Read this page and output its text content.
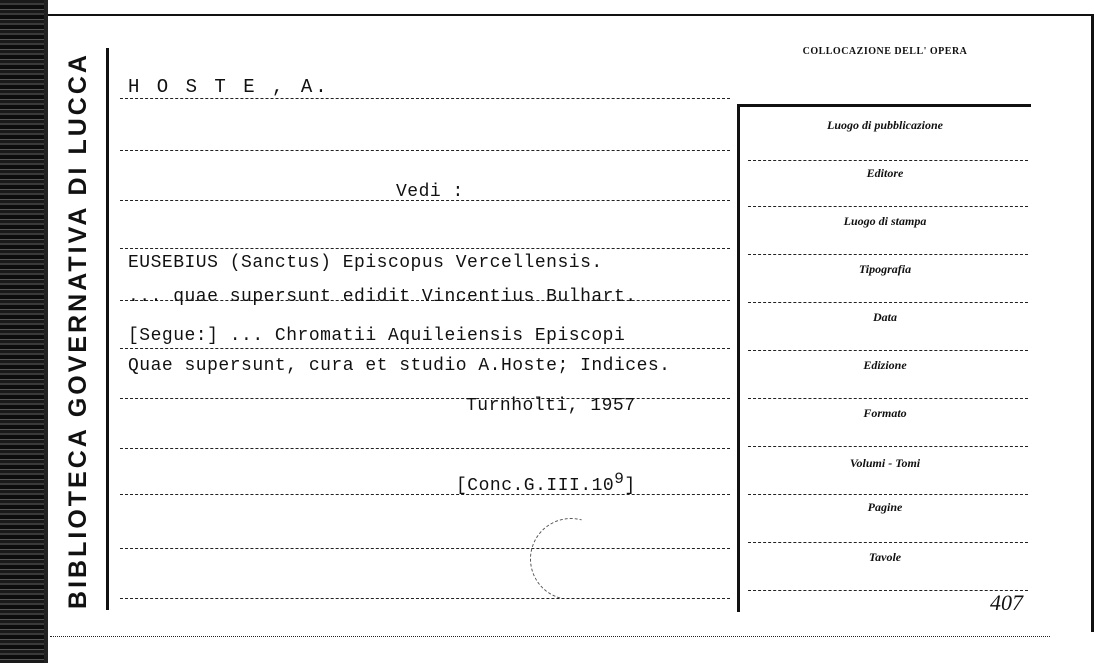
BIBLIOTECA GOVERNATIVA DI LUCCA
COLLOCAZIONE DELL' OPERA
H O S T E , A.
Vedi :
EUSEBIUS (Sanctus) Episcopus Vercellensis.
... quae supersunt edidit Vincentius Bulhart.
[Segue:] ... Chromatii Aquileiensis Episcopi
Quae supersunt, cura et studio A.Hoste; Indices.
Turnholti, 1957
$[Conc.G.III.10^9]$
Luogo di pubblicazione
Editore
Luogo di stampa
Tipografia
Data
Edizione
Formato
Volumi - Tomi
Pagine
Tavole
407
